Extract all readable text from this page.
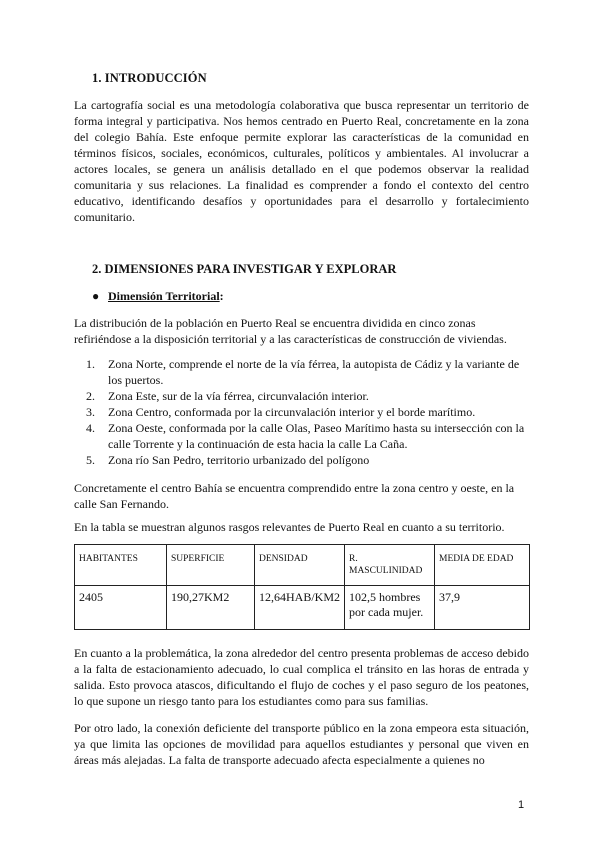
1. INTRODUCCIÓN

La cartografía social es una metodología colaborativa que busca representar un territorio de forma integral y participativa. Nos hemos centrado en Puerto Real, concretamente en la zona del colegio Bahía. Este enfoque permite explorar las características de la comunidad en términos físicos, sociales, económicos, culturales, políticos y ambientales. Al involucrar a actores locales, se genera un análisis detallado en el que podemos observar la realidad comunitaria y sus relaciones. La finalidad es comprender a fondo el contexto del centro educativo, identificando desafíos y oportunidades para el desarrollo y fortalecimiento comunitario.

2. DIMENSIONES PARA INVESTIGAR Y EXPLORAR
● Dimensión Territorial:

La distribución de la población en Puerto Real se encuentra dividida en cinco zonas refiriéndose a la disposición territorial y a las características de construcción de viviendas.

1.	Zona Norte, comprende el norte de la vía férrea, la autopista de Cádiz y la variante de los puertos.
2.	Zona Este, sur de la vía férrea, circunvalación interior.
3.	Zona Centro, conformada por la circunvalación interior y el borde marítimo.
4.	Zona Oeste, conformada por la calle Olas, Paseo Marítimo hasta su intersección con la calle Torrente y la continuación de esta hacia la calle La Caña.
5.	Zona río San Pedro, territorio urbanizado del polígono

Concretamente el centro Bahía se encuentra comprendido entre la zona centro y oeste, en la calle San Fernando.

En la tabla se muestran algunos rasgos relevantes de Puerto Real en cuanto a su territorio.

HABITANTES	SUPERFICIE	DENSIDAD	R. MASCULINIDAD	MEDIA DE EDAD
2405	190,27KM2	12,64HAB/KM2	102,5 hombres por cada mujer.	37,9

En cuanto a la problemática, la zona alrededor del centro presenta problemas de acceso debido a la falta de estacionamiento adecuado, lo cual complica el tránsito en las horas de entrada y salida. Esto provoca atascos, dificultando el flujo de coches y el paso seguro de los peatones, lo que supone un riesgo tanto para los estudiantes como para sus familias.

Por otro lado, la conexión deficiente del transporte público en la zona empeora esta situación, ya que limita las opciones de movilidad para aquellos estudiantes y personal que viven en áreas más alejadas. La falta de transporte adecuado afecta especialmente a quienes no

1
